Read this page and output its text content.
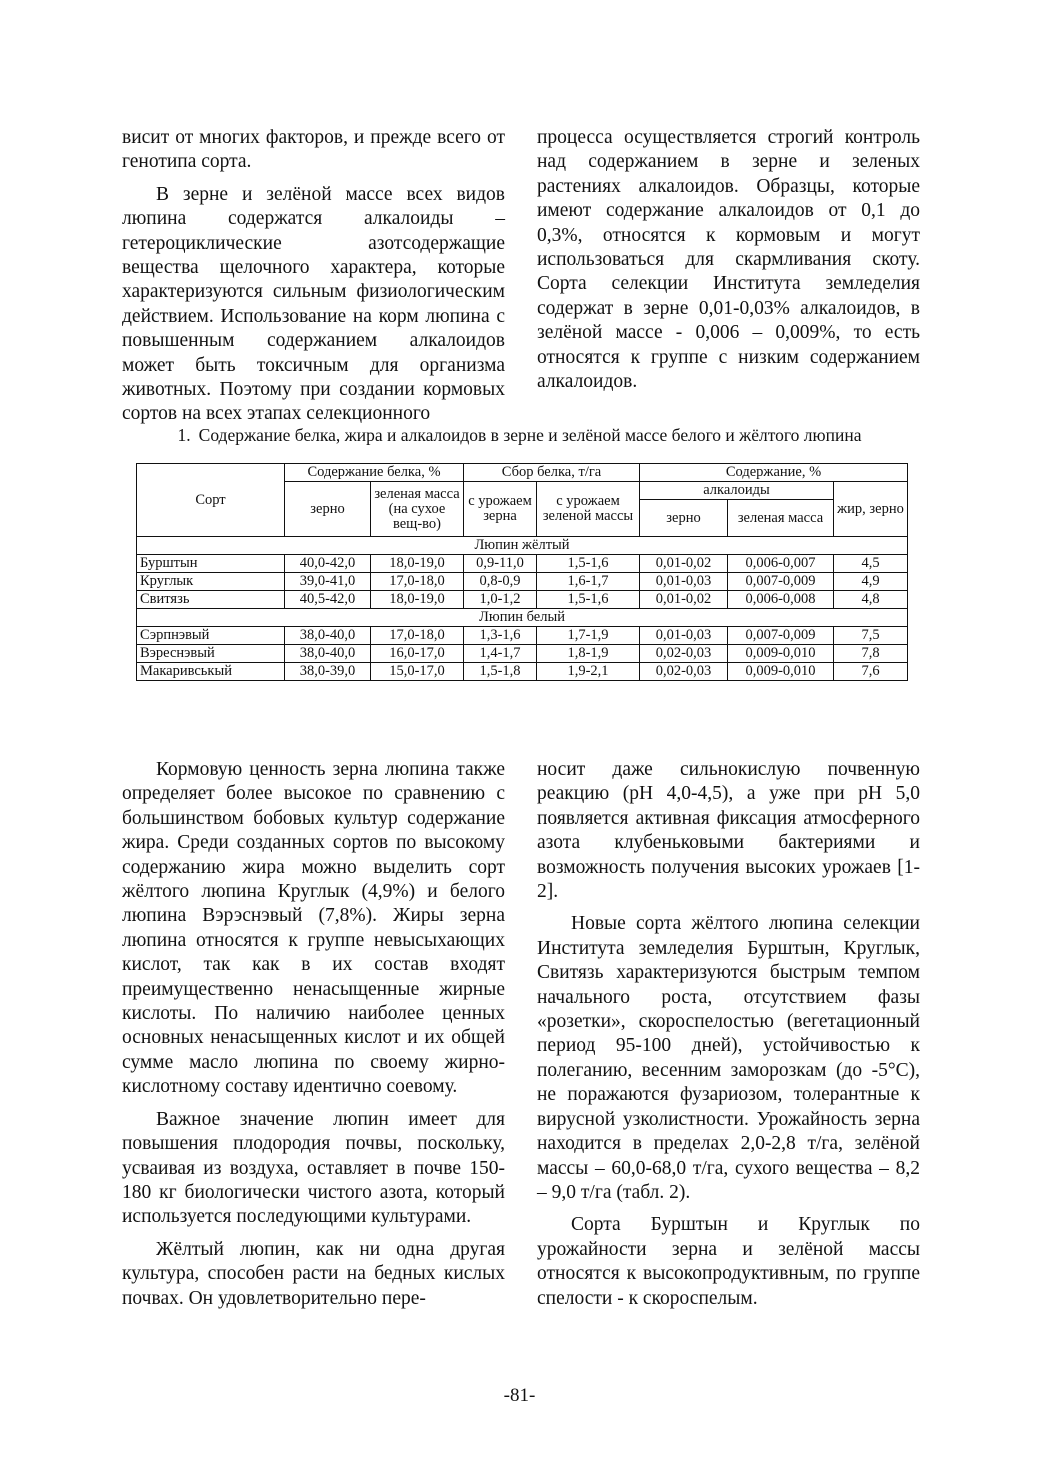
висит от многих факторов, и прежде всего от генотипа сорта.

В зерне и зелёной массе всех видов люпина содержатся алкалоиды – гетероциклические азотсодержащие вещества щелочного характера, которые характеризуются сильным физиологическим действием. Использование на корм люпина с повышенным содержанием алкалоидов может быть токсичным для организма животных. Поэтому при создании кормовых сортов на всех этапах селекционного

процесса осуществляется строгий контроль над содержанием в зерне и зеленых растениях алкалоидов. Образцы, которые имеют содержание алкалоидов от 0,1 до 0,3%, относятся к кормовым и могут использоваться для скармливания скоту. Сорта селекции Института земледелия содержат в зерне 0,01-0,03% алкалоидов, в зелёной массе - 0,006 – 0,009%, то есть относятся к группе с низким содержанием алкалоидов.

1. Содержание белка, жира и алкалоидов в зерне и зелёной массе белого и жёлтого люпина
Сорт	Содержание белка, %		Сбор белка, т/га		Содержание, %		
	зерно	зеленая масса (на сухое вещ-во)	с урожаем зерна	с урожаем зеленой массы	алкалоиды		жир, зерно
					зерно	зеленая масса	
Люпин жёлтый							
Бурштын	40,0-42,0	18,0-19,0	0,9-11,0	1,5-1,6	0,01-0,02	0,006-0,007	4,5
Круглык	39,0-41,0	17,0-18,0	0,8-0,9	1,6-1,7	0,01-0,03	0,007-0,009	4,9
Свитязь	40,5-42,0	18,0-19,0	1,0-1,2	1,5-1,6	0,01-0,02	0,006-0,008	4,8
Люпин белый							
Сэрпнэвый	38,0-40,0	17,0-18,0	1,3-1,6	1,7-1,9	0,01-0,03	0,007-0,009	7,5
Вэреснэвый	38,0-40,0	16,0-17,0	1,4-1,7	1,8-1,9	0,02-0,03	0,009-0,010	7,8
Макаривськый	38,0-39,0	15,0-17,0	1,5-1,8	1,9-2,1	0,02-0,03	0,009-0,010	7,6

Кормовую ценность зерна люпина также определяет более высокое по сравнению с большинством бобовых культур содержание жира. Среди созданных сортов по высокому содержанию жира можно выделить сорт жёлтого люпина Круглык (4,9%) и белого люпина Вэрэснэвый (7,8%). Жиры зерна люпина относятся к группе невысыхающих кислот, так как в их состав входят преимущественно ненасыщенные жирные кислоты. По наличию наиболее ценных основных ненасыщенных кислот и их общей сумме масло люпина по своему жирно-кислотному составу идентично соевому.

Важное значение люпин имеет для повышения плодородия почвы, поскольку, усваивая из воздуха, оставляет в почве 150-180 кг биологически чистого азота, который используется последующими культурами.

Жёлтый люпин, как ни одна другая культура, способен расти на бедных кислых почвах. Он удовлетворительно пере-

носит даже сильнокислую почвенную реакцию (pH 4,0-4,5), а уже при pH 5,0 появляется активная фиксация атмосферного азота клубеньковыми бактериями и возможность получения высоких урожаев [1-2].

Новые сорта жёлтого люпина селекции Института земледелия Бурштын, Круглык, Свитязь характеризуются быстрым темпом начального роста, отсутствием фазы «розетки», скороспелостью (вегетационный период 95-100 дней), устойчивостью к полеганию, весенним заморозкам (до -5°С), не поражаются фузариозом, толерантные к вирусной узколистности. Урожайность зерна находится в пределах 2,0-2,8 т/га, зелёной массы – 60,0-68,0 т/га, сухого вещества – 8,2 – 9,0 т/га (табл. 2).

Сорта Бурштын и Круглык по урожайности зерна и зелёной массы относятся к высокопродуктивным, по группе спелости - к скороспелым.

-81-
